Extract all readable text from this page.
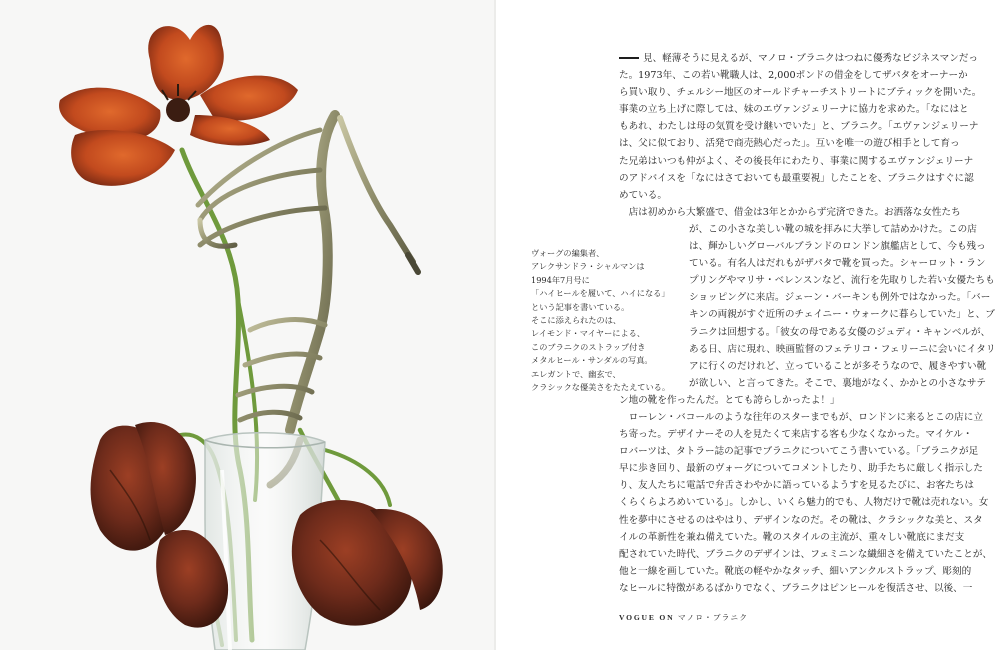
ヴォーグの編集者、
アレクサンドラ・シャルマンは
1994年7月号に
「ハイヒールを履いて、ハイになる」
という記事を書いている。
そこに添えられたのは、
レイモンド・マイヤーによる、
このブラニクのストラップ付き
メタルヒール・サンダルの写真。
エレガントで、幽玄で、
クラシックな優美さをたたえている。
見、軽薄そうに見えるが、マノロ・ブラニクはつねに優秀なビジネスマンだっ
た。1973年、この若い靴職人は、2,000ポンドの借金をしてザパタをオーナーか
ら買い取り、チェルシー地区のオールドチャーチストリートにブティックを開いた。
事業の立ち上げに際しては、妹のエヴァンジェリーナに協力を求めた。「なにはと
もあれ、わたしは母の気質を受け継いでいた」と、ブラニク。「エヴァンジェリーナ
は、父に似ており、活発で商売熱心だった」。互いを唯一の遊び相手として育っ
た兄弟はいつも仲がよく、その後長年にわたり、事業に関するエヴァンジェリーナ
のアドバイスを「なにはさておいても最重要視」したことを、ブラニクはすぐに認
めている。
店は初めから大繁盛で、借金は3年とかからず完済できた。お洒落な女性たち
が、この小さな美しい靴の城を拝みに大挙して詰めかけた。この店
は、輝かしいグローバルブランドのロンドン旗艦店として、今も残っ
ている。有名人はだれもがザパタで靴を買った。シャーロット・ラン
プリングやマリサ・ベレンスンなど、流行を先取りした若い女優たちも
ショッピングに来店。ジェーン・バーキンも例外ではなかった。「バー
キンの両親がすぐ近所のチェイニー・ウォークに暮らしていた」と、ブ
ラニクは回想する。「彼女の母である女優のジュディ・キャンベルが、
ある日、店に現れ、映画監督のフェテリコ・フェリーニに会いにイタリ
アに行くのだけれど、立っていることが多そうなので、履きやすい靴
が欲しい、と言ってきた。そこで、裏地がなく、かかとの小さなサテ
ン地の靴を作ったんだ。とても誇らしかったよ！」
ローレン・バコールのような往年のスターまでもが、ロンドンに来るとこの店に立
ち寄った。デザイナーその人を見たくて来店する客も少なくなかった。マイケル・
ロバーツは、タトラー誌の記事でブラニクについてこう書いている。「ブラニクが足
早に歩き回り、最新のヴォーグについてコメントしたり、助手たちに厳しく指示した
り、友人たちに電話で弁舌さわやかに語っているようすを見るたびに、お客たちは
くらくらよろめいている」。しかし、いくら魅力的でも、人物だけで靴は売れない。女
性を夢中にさせるのはやはり、デザインなのだ。その靴は、クラシックな美と、スタ
イルの革新性を兼ね備えていた。靴のスタイルの主流が、重々しい靴底にまだ支
配されていた時代、ブラニクのデザインは、フェミニンな繊細さを備えていたことが、
他と一線を画していた。靴底の軽やかなタッチ、細いアンクルストラップ、彫刻的
なヒールに特徴があるばかりでなく、ブラニクはピンヒールを復活させ、以後、一
VOGUE ON マノロ・ブラニク
